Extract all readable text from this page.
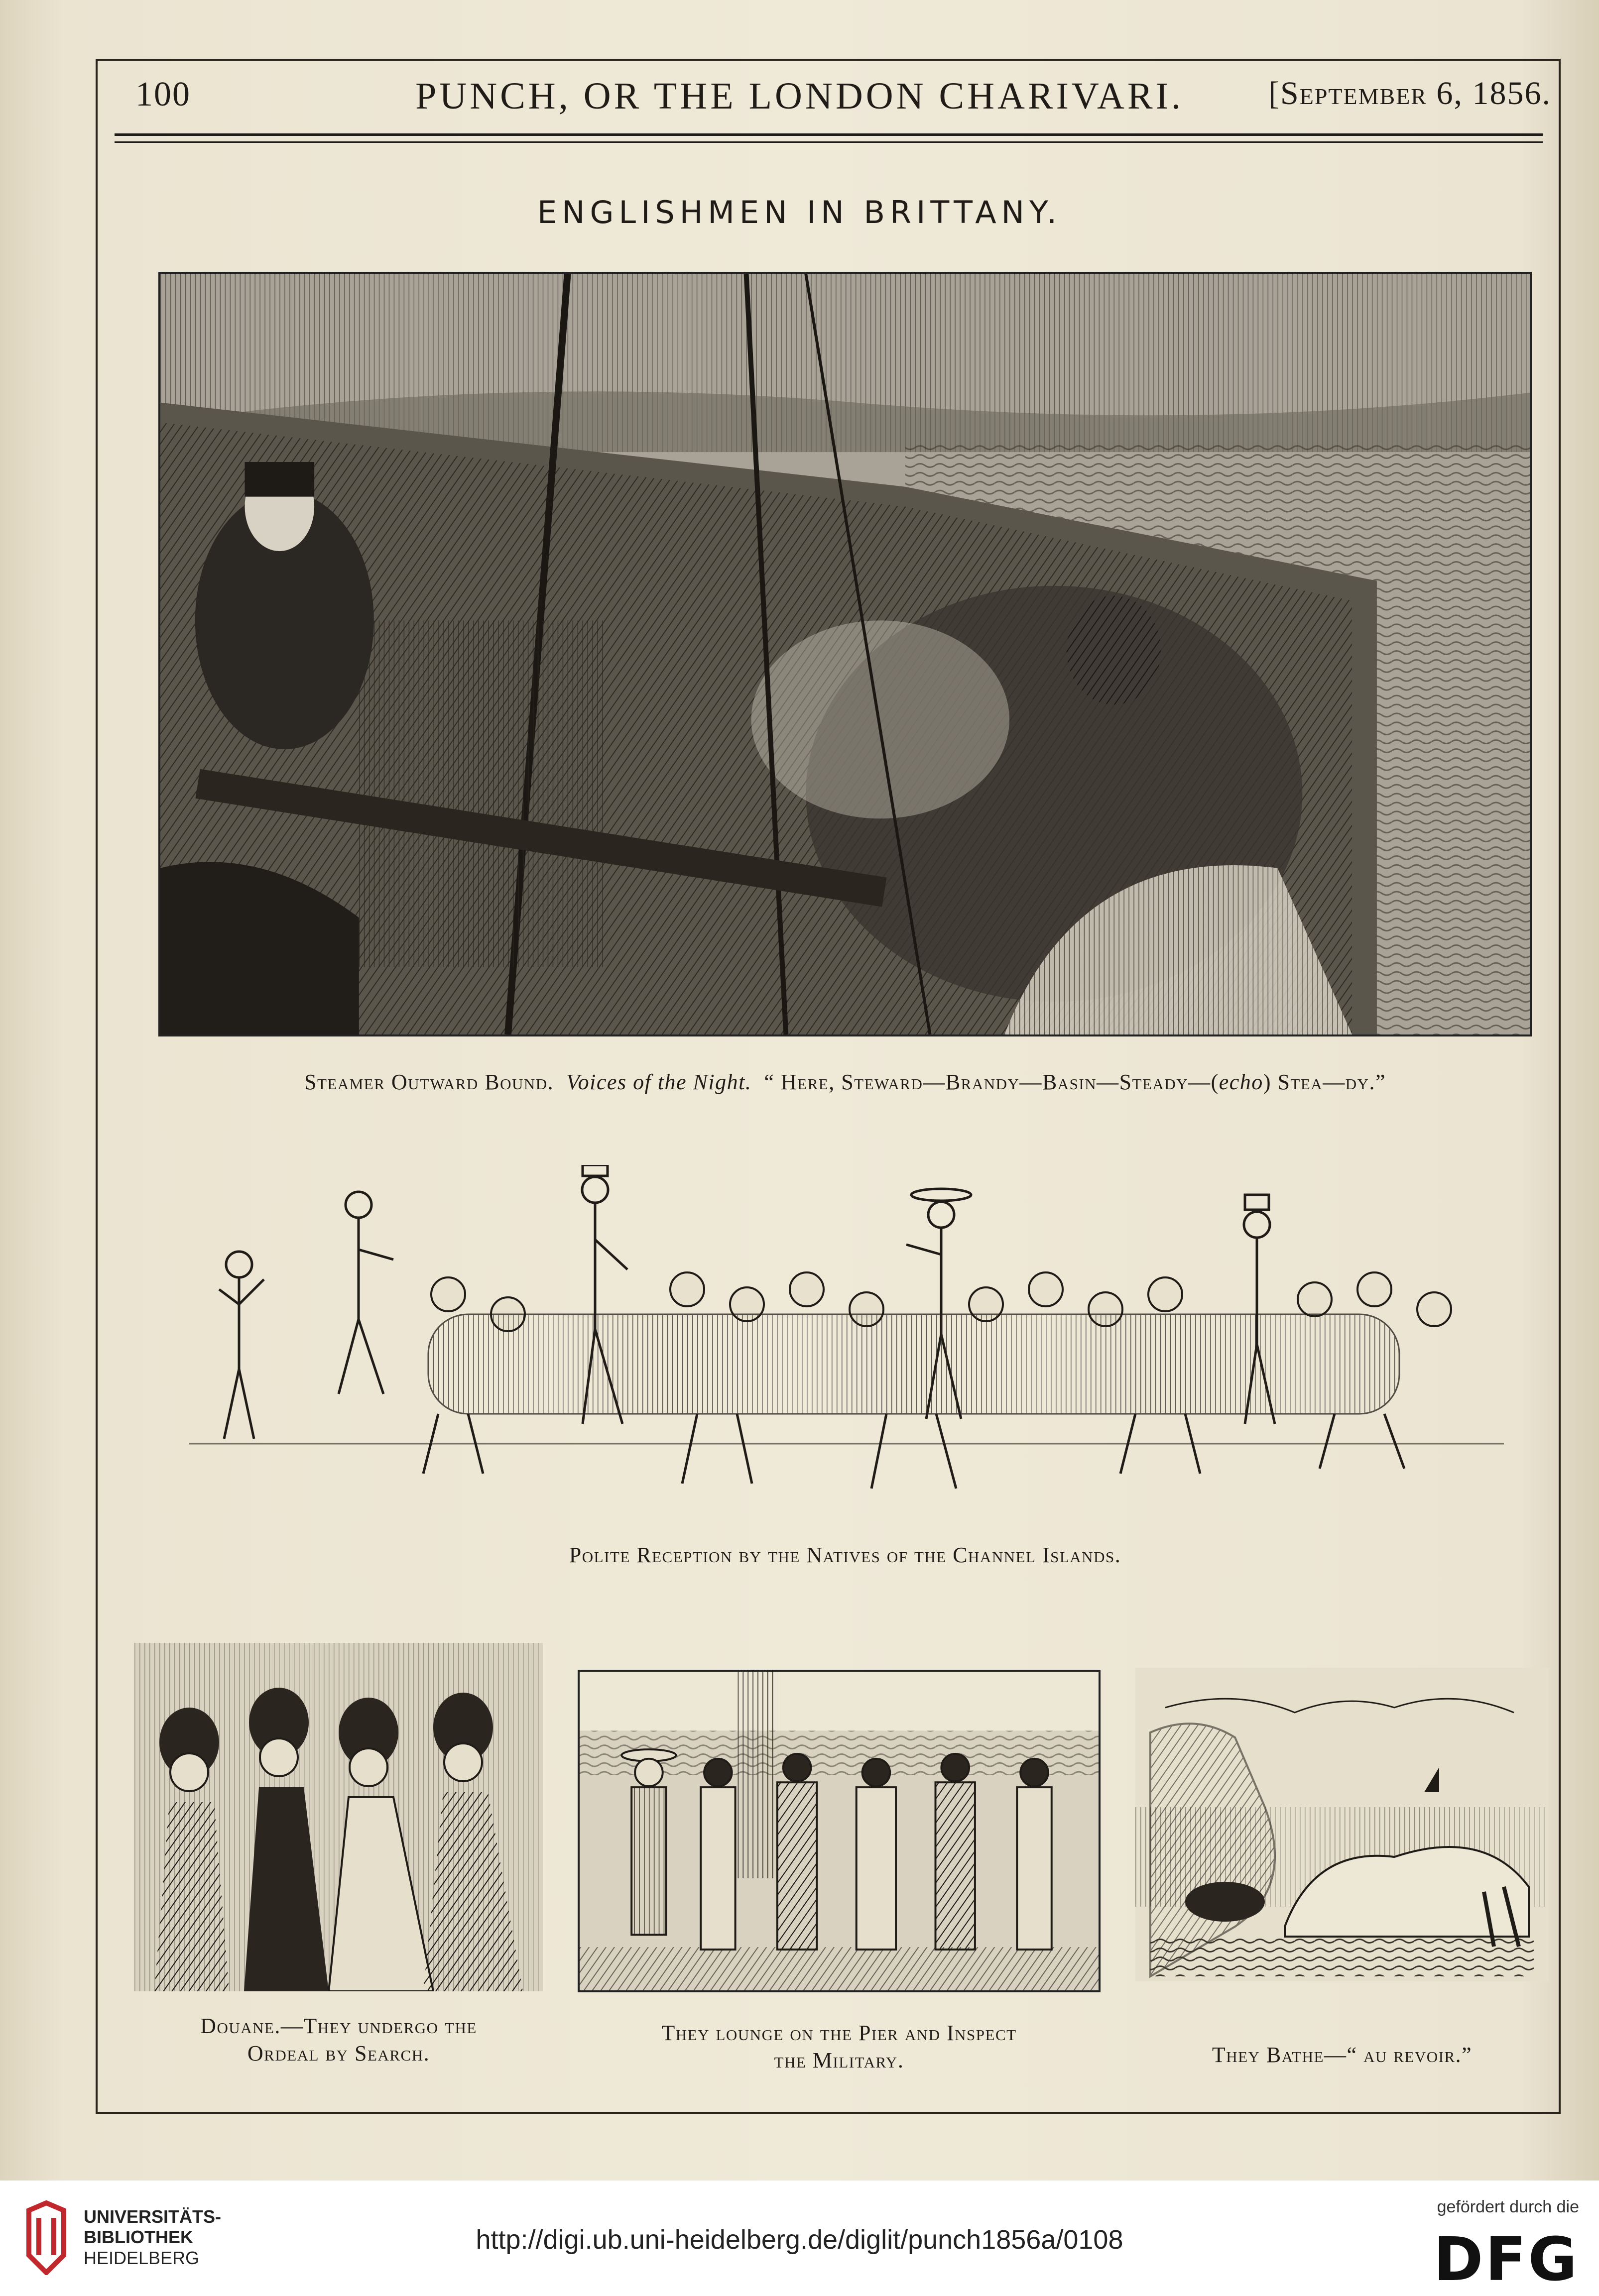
100	PUNCH, OR THE LONDON CHARIVARI.	[September 6, 1856.
ENGLISHMEN IN BRITTANY.
Steamer Outward Bound. Voices of the Night. “ Here, Steward—Brandy—Basin—Steady—(echo) Stea—dy.”
Polite Reception by the Natives of the Channel Islands.
Douane.—They undergo the
Ordeal by Search.
They lounge on the Pier and Inspect
the Military.	They Bathe—“ au revoir.”
UNIVERSITÄTS-
BIBLIOTHEK
HEIDELBERG
http://digi.ub.uni-heidelberg.de/diglit/punch1856a/0108
gefördert durch die
DFG
